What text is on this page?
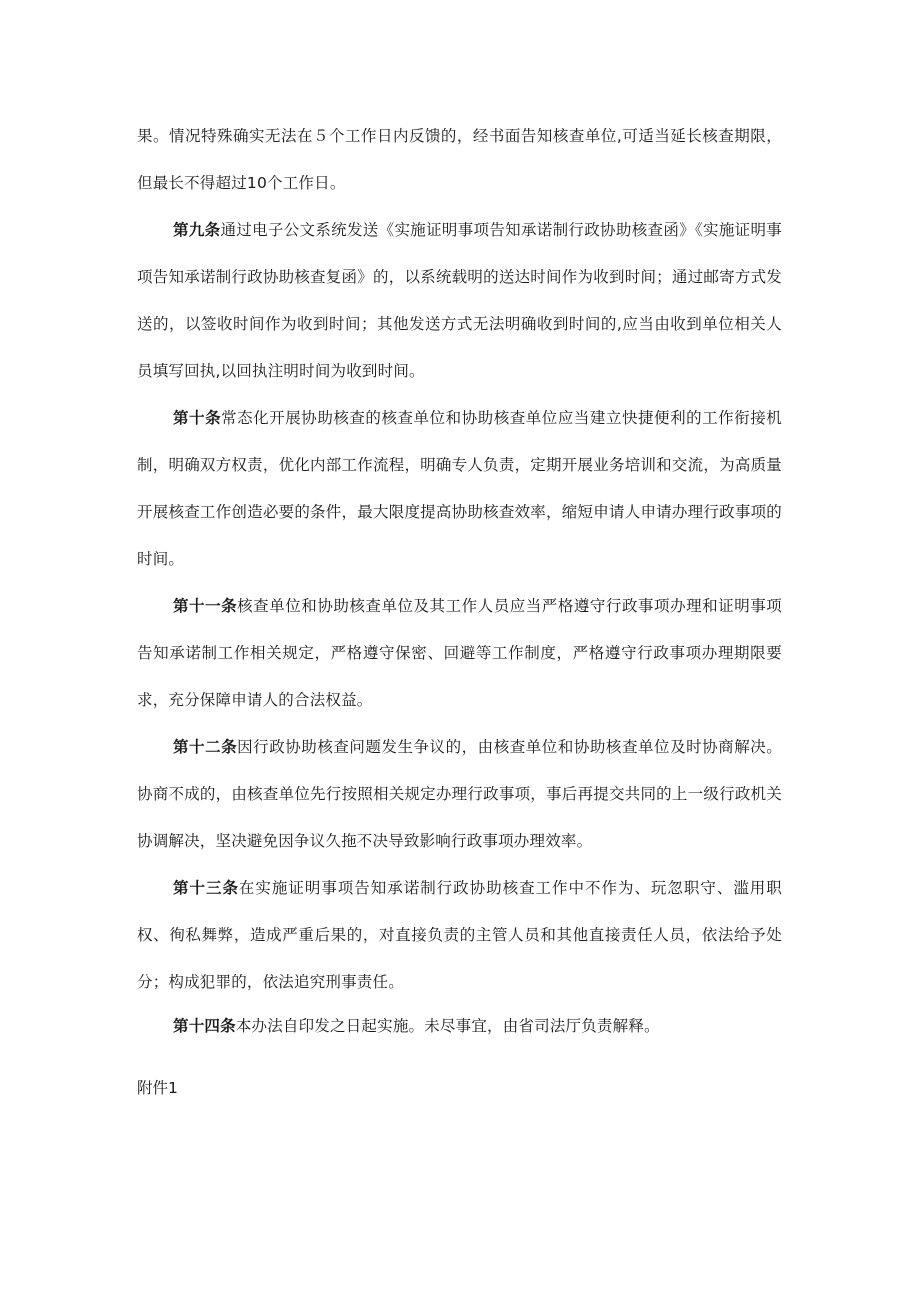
果。情况特殊确实无法在５个工作日内反馈的，经书面告知核查单位,可适当延长核查期限，但最长不得超过10个工作日。

第九条通过电子公文系统发送《实施证明事项告知承诺制行政协助核查函》《实施证明事项告知承诺制行政协助核查复函》的，以系统载明的送达时间作为收到时间；通过邮寄方式发送的，以签收时间作为收到时间；其他发送方式无法明确收到时间的,应当由收到单位相关人员填写回执,以回执注明时间为收到时间。

第十条常态化开展协助核查的核查单位和协助核查单位应当建立快捷便利的工作衔接机制，明确双方权责，优化内部工作流程，明确专人负责，定期开展业务培训和交流，为高质量开展核查工作创造必要的条件，最大限度提高协助核查效率，缩短申请人申请办理行政事项的时间。

第十一条核查单位和协助核查单位及其工作人员应当严格遵守行政事项办理和证明事项告知承诺制工作相关规定，严格遵守保密、回避等工作制度，严格遵守行政事项办理期限要求，充分保障申请人的合法权益。

第十二条因行政协助核查问题发生争议的，由核查单位和协助核查单位及时协商解决。协商不成的，由核查单位先行按照相关规定办理行政事项，事后再提交共同的上一级行政机关协调解决，坚决避免因争议久拖不决导致影响行政事项办理效率。

第十三条在实施证明事项告知承诺制行政协助核查工作中不作为、玩忽职守、滥用职权、徇私舞弊，造成严重后果的，对直接负责的主管人员和其他直接责任人员，依法给予处分；构成犯罪的，依法追究刑事责任。

第十四条本办法自印发之日起实施。未尽事宜，由省司法厅负责解释。

附件1
